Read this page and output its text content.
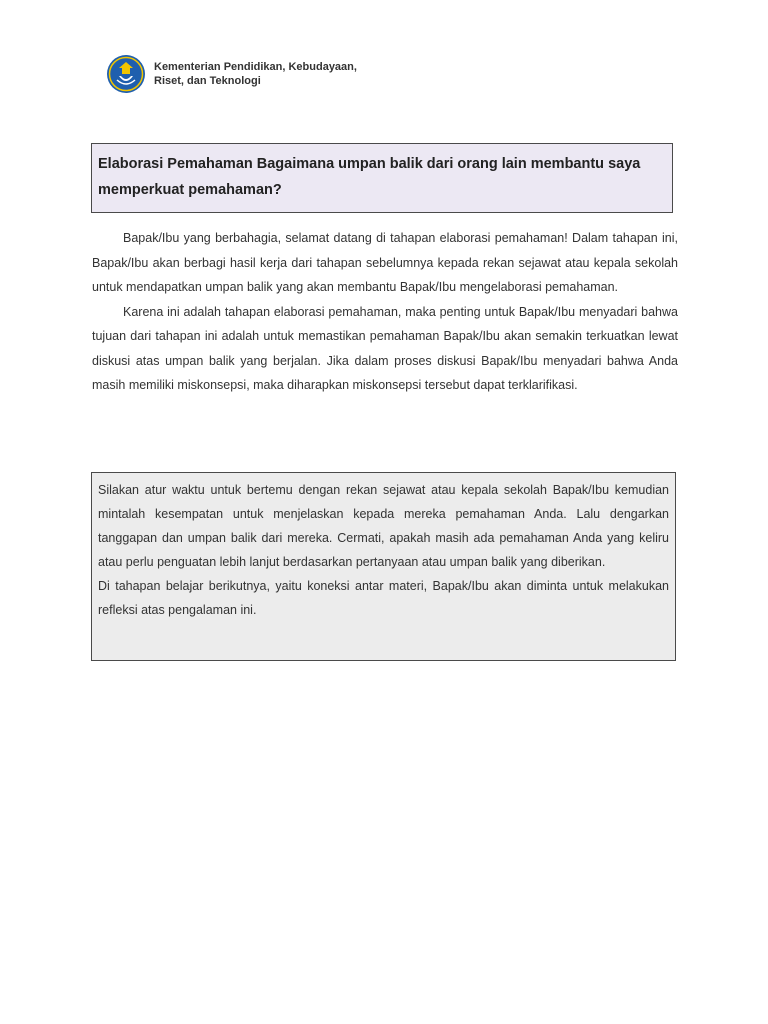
Kementerian Pendidikan, Kebudayaan,
Riset, dan Teknologi

Elaborasi Pemahaman Bagaimana umpan balik dari orang lain membantu saya memperkuat pemahaman?

Bapak/Ibu yang berbahagia, selamat datang di tahapan elaborasi pemahaman! Dalam tahapan ini, Bapak/Ibu akan berbagi hasil kerja dari tahapan sebelumnya kepada rekan sejawat atau kepala sekolah untuk mendapatkan umpan balik yang akan membantu Bapak/Ibu mengelaborasi pemahaman.

Karena ini adalah tahapan elaborasi pemahaman, maka penting untuk Bapak/Ibu menyadari bahwa tujuan dari tahapan ini adalah untuk memastikan pemahaman Bapak/Ibu akan semakin terkuatkan lewat diskusi atas umpan balik yang berjalan. Jika dalam proses diskusi Bapak/Ibu menyadari bahwa Anda masih memiliki miskonsepsi, maka diharapkan miskonsepsi tersebut dapat terklarifikasi.

Silakan atur waktu untuk bertemu dengan rekan sejawat atau kepala sekolah Bapak/Ibu kemudian mintalah kesempatan untuk menjelaskan kepada mereka pemahaman Anda. Lalu dengarkan tanggapan dan umpan balik dari mereka. Cermati, apakah masih ada pemahaman Anda yang keliru atau perlu penguatan lebih lanjut berdasarkan pertanyaan atau umpan balik yang diberikan.

Di tahapan belajar berikutnya, yaitu koneksi antar materi, Bapak/Ibu akan diminta untuk melakukan refleksi atas pengalaman ini.
